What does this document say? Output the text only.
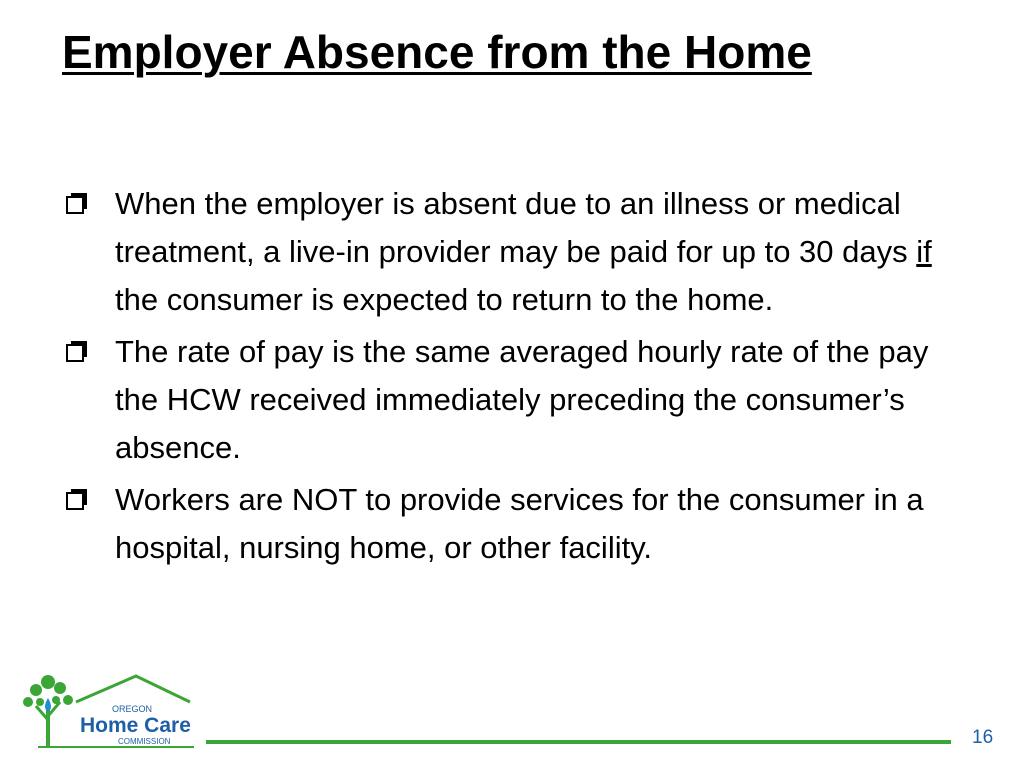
Employer Absence from the Home
When the employer is absent due to an illness or medical treatment, a live-in provider may be paid for up to 30 days if the consumer is expected to return to the home.
The rate of pay is the same averaged hourly rate of the pay the HCW received immediately preceding the consumer’s absence.
Workers are NOT to provide services for the consumer in a hospital, nursing home, or other facility.
OREGON
Home Care
COMMISSION	16
